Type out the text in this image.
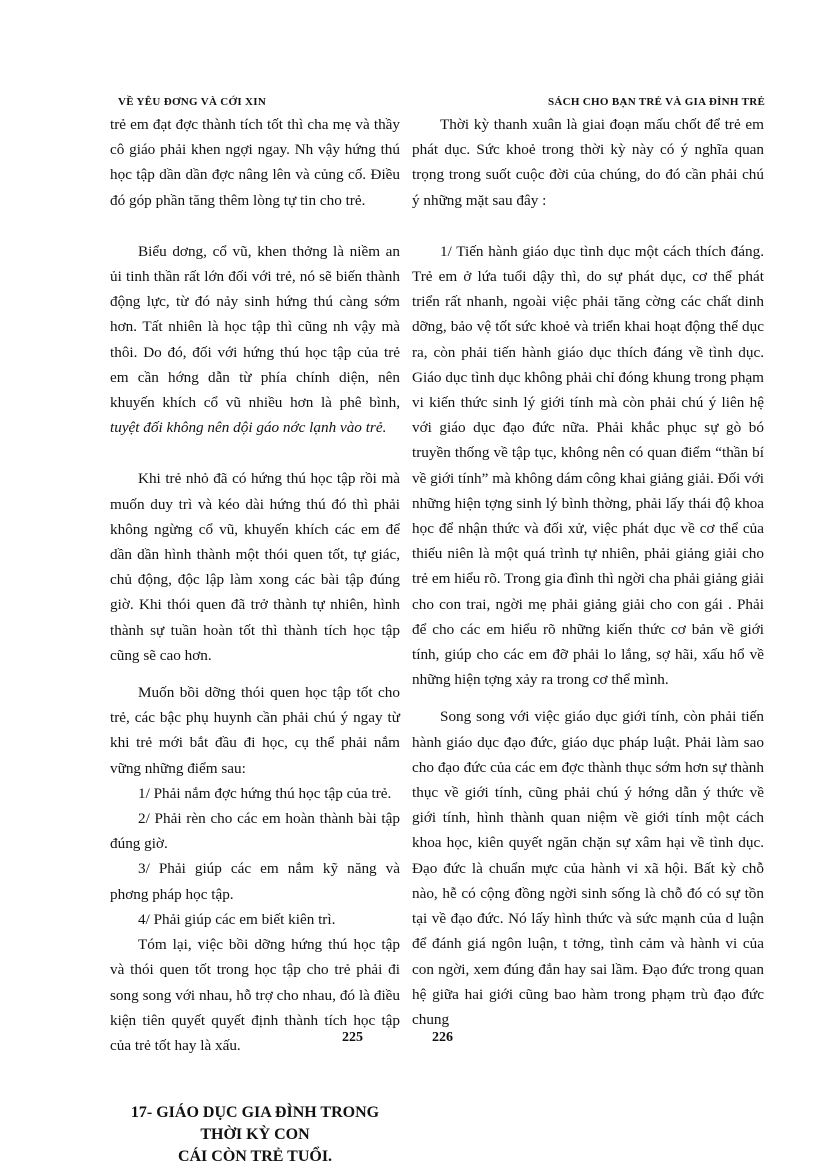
VỀ YÊU ĐƠNG VÀ CỚI XIN	SÁCH CHO BẠN TRẺ VÀ GIA ĐÌNH TRẺ

trẻ em đạt đợc thành tích tốt thì cha mẹ và thầy cô giáo phải khen ngợi ngay. Nh vậy hứng thú học tập dần dần đợc nâng lên và củng cố. Điều đó góp phần tăng thêm lòng tự tin cho trẻ.

Biểu dơng, cổ vũ, khen thởng là niềm an ủi tinh thần rất lớn đối với trẻ, nó sẽ biến thành động lực, từ đó nảy sinh hứng thú càng sớm hơn. Tất nhiên là học tập thì cũng nh vậy mà thôi. Do đó, đối với hứng thú học tập của trẻ em cần hớng dẫn từ phía chính diện, nên khuyến khích cổ vũ nhiều hơn là phê bình, tuyệt đối không nên dội gáo nớc lạnh vào trẻ.

Khi trẻ nhỏ đã có hứng thú học tập rồi mà muốn duy trì và kéo dài hứng thú đó thì phải không ngừng cổ vũ, khuyến khích các em để dần dần hình thành một thói quen tốt, tự giác, chủ động, độc lập làm xong các bài tập đúng giờ. Khi thói quen đã trở thành tự nhiên, hình thành sự tuần hoàn tốt thì thành tích học tập cũng sẽ cao hơn.

Muốn bồi dỡng thói quen học tập tốt cho trẻ, các bậc phụ huynh cần phải chú ý ngay từ khi trẻ mới bắt đầu đi học, cụ thể phải nắm vững những điểm sau:

1/ Phải nắm đợc hứng thú học tập của trẻ.

2/ Phải rèn cho các em hoàn thành bài tập đúng giờ.

3/ Phải giúp các em nắm kỹ năng và phơng pháp học tập.

4/ Phải giúp các em biết kiên trì.

Tóm lại, việc bồi dỡng hứng thú học tập và thói quen tốt trong học tập cho trẻ phải đi song song với nhau, hỗ trợ cho nhau, đó là điều kiện tiên quyết quyết định thành tích học tập của trẻ tốt hay là xấu.

17- GIÁO DỤC GIA ĐÌNH TRONG THỜI KỲ CON
CÁI CÒN TRẺ TUỔI.

Thời kỳ thanh xuân là giai đoạn mấu chốt để trẻ em phát dục. Sức khoẻ trong thời kỳ này có ý nghĩa quan trọng trong suốt cuộc đời của chúng, do đó cần phải chú ý những mặt sau đây :

1/ Tiến hành giáo dục tình dục một cách thích đáng. Trẻ em ở lứa tuổi dậy thì, do sự phát dục, cơ thể phát triển rất nhanh, ngoài việc phải tăng cờng các chất dinh dỡng, bảo vệ tốt sức khoẻ và triển khai hoạt động thể dục ra, còn phải tiến hành giáo dục thích đáng về tình dục. Giáo dục tình dục không phải chỉ đóng khung trong phạm vi kiến thức sinh lý giới tính mà còn phải chú ý liên hệ với giáo dục đạo đức nữa. Phải khắc phục sự gò bó truyền thống về tập tục, không nên có quan điểm “thần bí về giới tính” mà không dám công khai giảng giải. Đối với những hiện tợng sinh lý bình thờng, phải lấy thái độ khoa học để nhận thức và đối xử, việc phát dục về cơ thể của thiếu niên là một quá trình tự nhiên, phải giảng giải cho trẻ em hiểu rõ. Trong gia đình thì ngời cha phải giảng giải cho con trai, ngời mẹ phải giảng giải cho con gái . Phải để cho các em hiểu rõ những kiến thức cơ bản về giới tính, giúp cho các em đỡ phải lo lắng, sợ hãi, xấu hổ về những hiện tợng xảy ra trong cơ thể mình.

Song song với việc giáo dục giới tính, còn phải tiến hành giáo dục đạo đức, giáo dục pháp luật. Phải làm sao cho đạo đức của các em đợc thành thục sớm hơn sự thành thục về giới tính, cũng phải chú ý hớng dẫn ý thức về giới tính, hình thành quan niệm về giới tính một cách khoa học, kiên quyết ngăn chặn sự xâm hại về tình dục. Đạo đức là chuẩn mực của hành vi xã hội. Bất kỳ chỗ nào, hễ có cộng đồng ngời sinh sống là chỗ đó có sự tồn tại về đạo đức. Nó lấy hình thức và sức mạnh của d luận để đánh giá ngôn luận, t tởng, tình cảm và hành vi của con ngời, xem đúng đắn hay sai lầm. Đạo đức trong quan hệ giữa hai giới cũng bao hàm trong phạm trù đạo đức chung

225	226
